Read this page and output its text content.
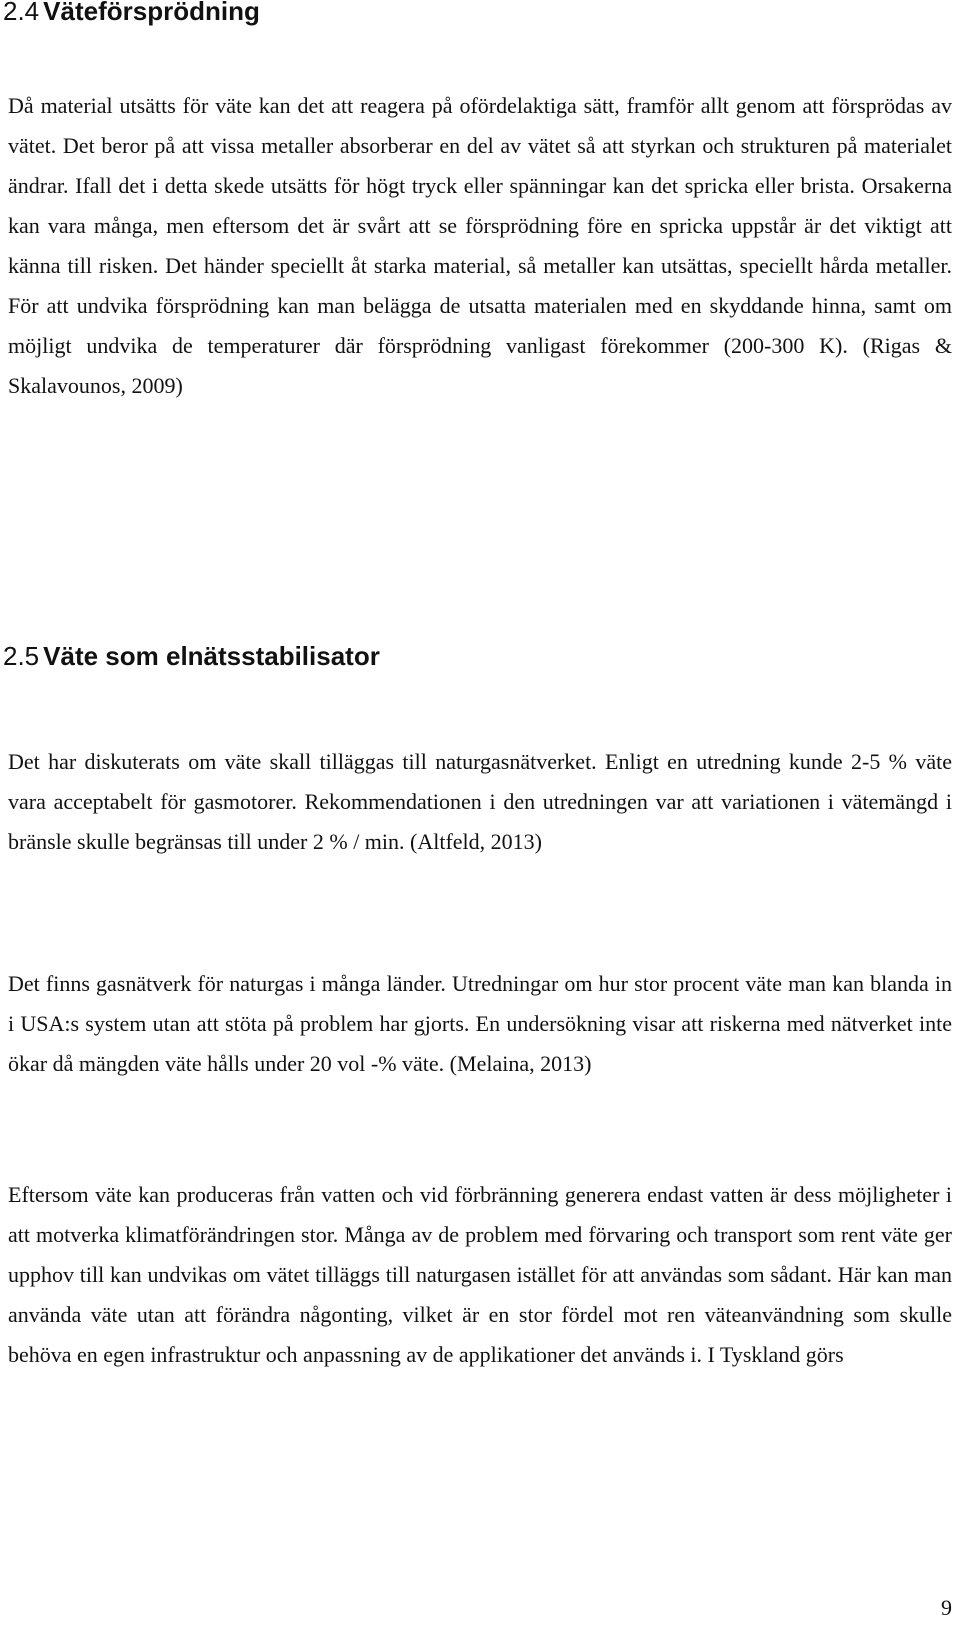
2.4 Väteförsprödning

Då material utsätts för väte kan det att reagera på ofördelaktiga sätt, framför allt genom att försprödas av vätet. Det beror på att vissa metaller absorberar en del av vätet så att styrkan och strukturen på materialet ändrar. Ifall det i detta skede utsätts för högt tryck eller spänningar kan det spricka eller brista. Orsakerna kan vara många, men eftersom det är svårt att se försprödning före en spricka uppstår är det viktigt att känna till risken. Det händer speciellt åt starka material, så metaller kan utsättas, speciellt hårda metaller. För att undvika försprödning kan man belägga de utsatta materialen med en skyddande hinna, samt om möjligt undvika de temperaturer där försprödning vanligast förekommer (200-300 K). (Rigas & Skalavounos, 2009)

2.5 Väte som elnätsstabilisator

Det har diskuterats om väte skall tilläggas till naturgasnätverket. Enligt en utredning kunde 2-5 % väte vara acceptabelt för gasmotorer. Rekommendationen i den utredningen var att variationen i vätemängd i bränsle skulle begränsas till under 2 % / min. (Altfeld, 2013)

Det finns gasnätverk för naturgas i många länder. Utredningar om hur stor procent väte man kan blanda in i USA:s system utan att stöta på problem har gjorts. En undersökning visar att riskerna med nätverket inte ökar då mängden väte hålls under 20 vol -% väte. (Melaina, 2013)

Eftersom väte kan produceras från vatten och vid förbränning generera endast vatten är dess möjligheter i att motverka klimatförändringen stor. Många av de problem med förvaring och transport som rent väte ger upphov till kan undvikas om vätet tilläggs till naturgasen istället för att användas som sådant. Här kan man använda väte utan att förändra någonting, vilket är en stor fördel mot ren väteanvändning som skulle behöva en egen infrastruktur och anpassning av de applikationer det används i. I Tyskland görs

9
